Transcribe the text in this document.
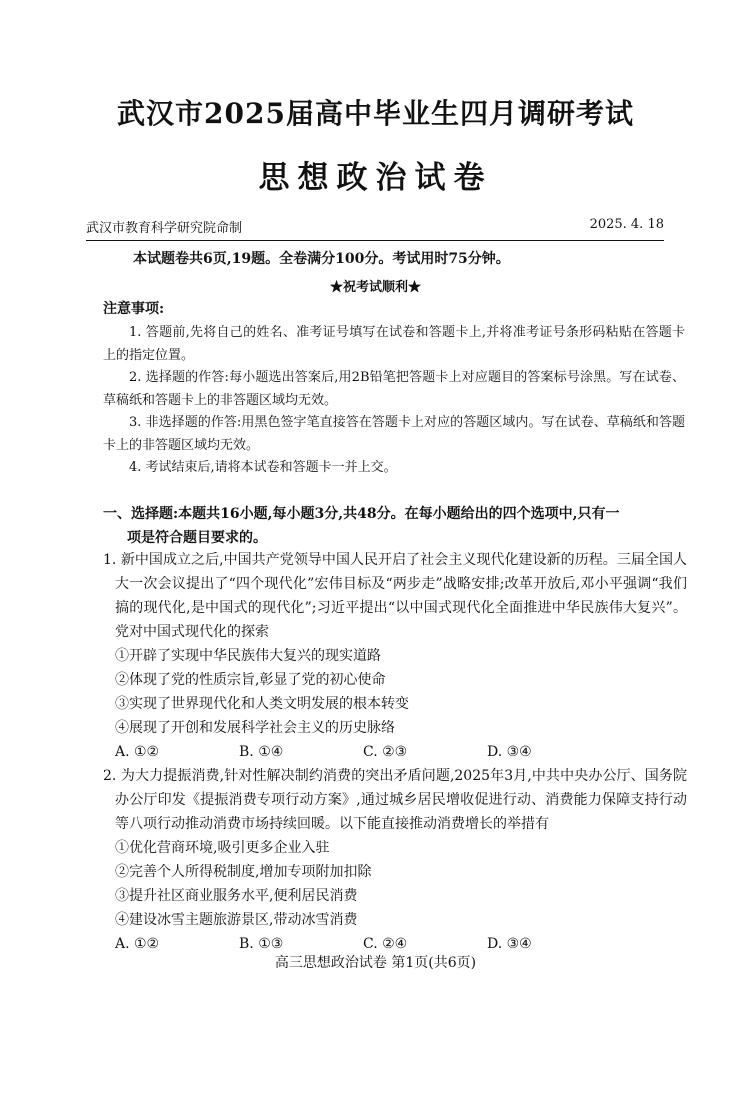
武汉市2025届高中毕业生四月调研考试
思想政治试卷
武汉市教育科学研究院命制	2025. 4. 18
本试题卷共6页,19题。全卷满分100分。考试用时75分钟。
★祝考试顺利★
注意事项:

1. 答题前,先将自己的姓名、准考证号填写在试卷和答题卡上,并将准考证号条形码粘贴在答题卡上的指定位置。

2. 选择题的作答:每小题选出答案后,用2B铅笔把答题卡上对应题目的答案标号涂黑。写在试卷、草稿纸和答题卡上的非答题区域均无效。

3. 非选择题的作答:用黑色签字笔直接答在答题卡上对应的答题区域内。写在试卷、草稿纸和答题卡上的非答题区域均无效。

4. 考试结束后,请将本试卷和答题卡一并上交。

一、选择题:本题共16小题,每小题3分,共48分。在每小题给出的四个选项中,只有一
项是符合题目要求的。

1. 新中国成立之后,中国共产党领导中国人民开启了社会主义现代化建设新的历程。三届全国人大一次会议提出了“四个现代化”宏伟目标及“两步走”战略安排;改革开放后,邓小平强调“我们搞的现代化,是中国式的现代化”;习近平提出“以中国式现代化全面推进中华民族伟大复兴”。党对中国式现代化的探索

①开辟了实现中华民族伟大复兴的现实道路

②体现了党的性质宗旨,彰显了党的初心使命

③实现了世界现代化和人类文明发展的根本转变

④展现了开创和发展科学社会主义的历史脉络

A. ①②	B. ①④	C. ②③	D. ③④

2. 为大力提振消费,针对性解决制约消费的突出矛盾问题,2025年3月,中共中央办公厅、国务院办公厅印发《提振消费专项行动方案》,通过城乡居民增收促进行动、消费能力保障支持行动等八项行动推动消费市场持续回暖。以下能直接推动消费增长的举措有

①优化营商环境,吸引更多企业入驻

②完善个人所得税制度,增加专项附加扣除

③提升社区商业服务水平,便利居民消费

④建设冰雪主题旅游景区,带动冰雪消费

A. ①②	B. ①③	C. ②④	D. ③④
高三思想政治试卷 第1页(共6页)
